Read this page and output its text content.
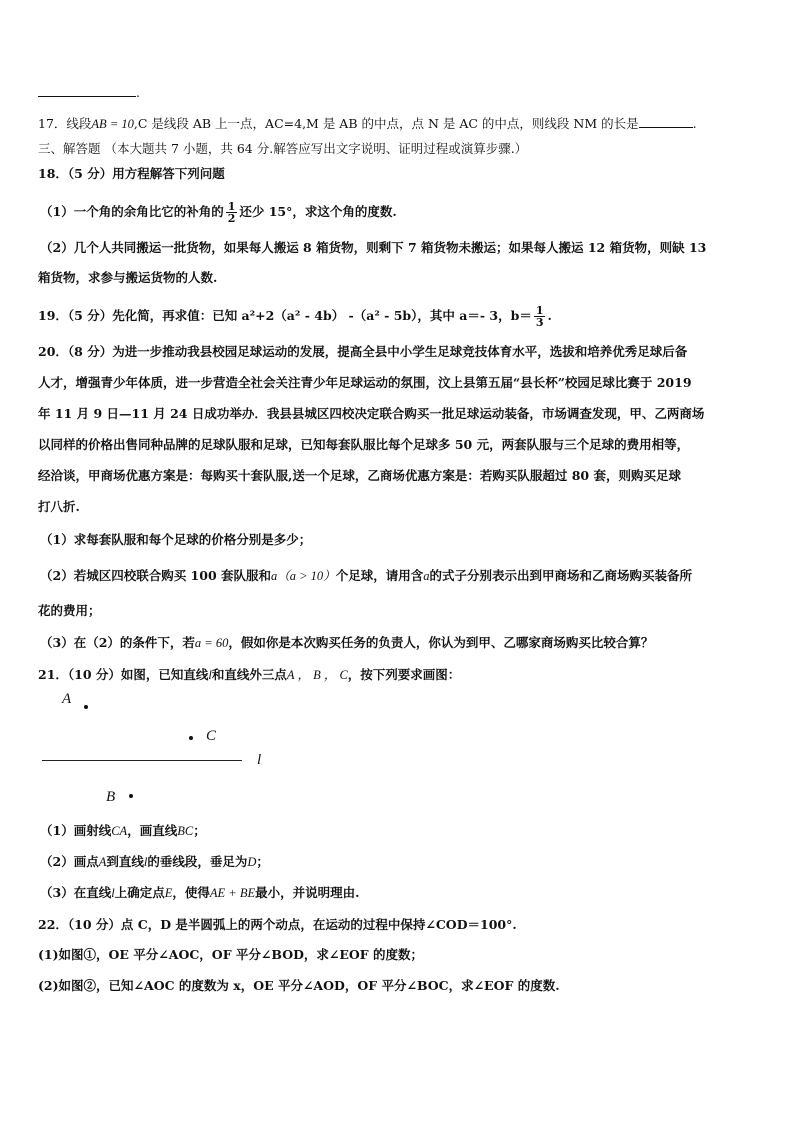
.
17．线段AB = 10,C 是线段 AB 上一点，AC=4,M 是 AB 的中点，点 N 是 AC 的中点，则线段 NM 的长是	.
三、解答题 （本大题共 7 小题，共 64 分.解答应写出文字说明、证明过程或演算步骤.）
18．（5 分）用方程解答下列问题
（1）一个角的余角比它的补角的 $\frac{1}{2}$ 还少 15°，求这个角的度数.
（2）几个人共同搬运一批货物，如果每人搬运 8 箱货物，则剩下 7 箱货物未搬运；如果每人搬运 12 箱货物，则缺 13
箱货物，求参与搬运货物的人数.
19．（5 分）先化简，再求值：已知 a²+2（a² - 4b） -（a² - 5b），其中 a＝- 3，$b= \frac{1}{3}$ .
20．（8 分）为进一步推动我县校园足球运动的发展，提高全县中小学生足球竞技体育水平，选拔和培养优秀足球后备
人才，增强青少年体质，进一步营造全社会关注青少年足球运动的氛围，汶上县第五届“县长杯”校园足球比赛于 2019
年 11 月 9 日—11 月 24 日成功举办．我县县城区四校决定联合购买一批足球运动装备，市场调查发现，甲、乙两商场
以同样的价格出售同种品牌的足球队服和足球，已知每套队服比每个足球多 50 元，两套队服与三个足球的费用相等，
经洽谈，甲商场优惠方案是：每购买十套队服,送一个足球，乙商场优惠方案是：若购买队服超过 80 套，则购买足球
打八折.
（1）求每套队服和每个足球的价格分别是多少；
（2）若城区四校联合购买 100 套队服和a（a > 10）个足球，请用含a的式子分别表示出到甲商场和乙商场购买装备所
花的费用；
（3）在（2）的条件下，若a = 60，假如你是本次购买任务的负责人，你认为到甲、乙哪家商场购买比较合算？
21．（10 分）如图，已知直线l和直线外三点A ， B ， C，按下列要求画图：
A
C
l
B
（1）画射线CA，画直线BC；
（2）画点A到直线l的垂线段，垂足为D；
（3）在直线l上确定点E，使得AE + BE最小，并说明理由.
22．（10 分）点 C，D 是半圆弧上的两个动点，在运动的过程中保持∠COD＝100°.
(1)如图①，OE 平分∠AOC，OF 平分∠BOD，求∠EOF 的度数；
(2)如图②，已知∠AOC 的度数为 x，OE 平分∠AOD，OF 平分∠BOC，求∠EOF 的度数.
